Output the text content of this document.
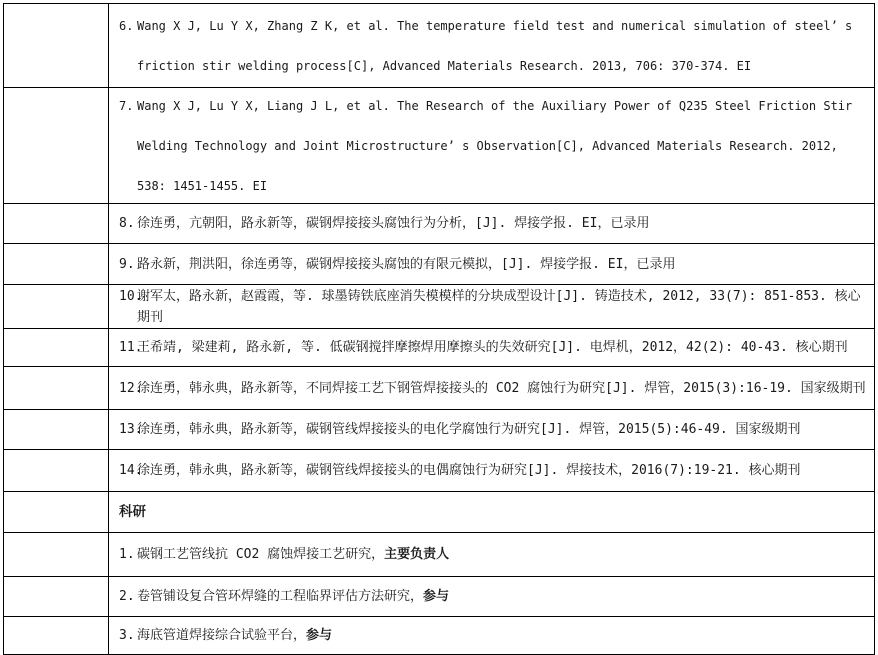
6. Wang X J, Lu Y X, Zhang Z K, et al. The temperature field test and numerical simulation of steel’ s friction stir welding process[C], Advanced Materials Research. 2013, 706: 370-374. EI
7. Wang X J, Lu Y X, Liang J L, et al. The Research of the Auxiliary Power of Q235 Steel Friction Stir Welding Technology and Joint Microstructure’ s Observation[C], Advanced Materials Research. 2012, 538: 1451-1455. EI
8. 徐连勇，亢朝阳，路永新等，碳钢焊接接头腐蚀行为分析，[J]. 焊接学报. EI，已录用
9. 路永新，荆洪阳，徐连勇等，碳钢焊接接头腐蚀的有限元模拟，[J]. 焊接学报. EI，已录用
10.谢军太，路永新，赵霞霞，等. 球墨铸铁底座消失模模样的分块成型设计[J]. 铸造技术, 2012, 33(7): 851-853. 核心期刊
11.王希靖, 梁建莉, 路永新, 等. 低碳钢搅拌摩擦焊用摩擦头的失效研究[J]. 电焊机，2012，42(2): 40-43. 核心期刊
12.徐连勇，韩永典，路永新等，不同焊接工艺下钢管焊接接头的 CO2 腐蚀行为研究[J]. 焊管，2015(3):16-19. 国家级期刊
13.徐连勇，韩永典，路永新等，碳钢管线焊接接头的电化学腐蚀行为研究[J]. 焊管，2015(5):46-49. 国家级期刊
14.徐连勇，韩永典，路永新等，碳钢管线焊接接头的电偶腐蚀行为研究[J]. 焊接技术，2016(7):19-21. 核心期刊
科研
1. 碳钢工艺管线抗 CO2 腐蚀焊接工艺研究，主要负责人
2. 卷管铺设复合管环焊缝的工程临界评估方法研究，参与
3. 海底管道焊接综合试验平台，参与
